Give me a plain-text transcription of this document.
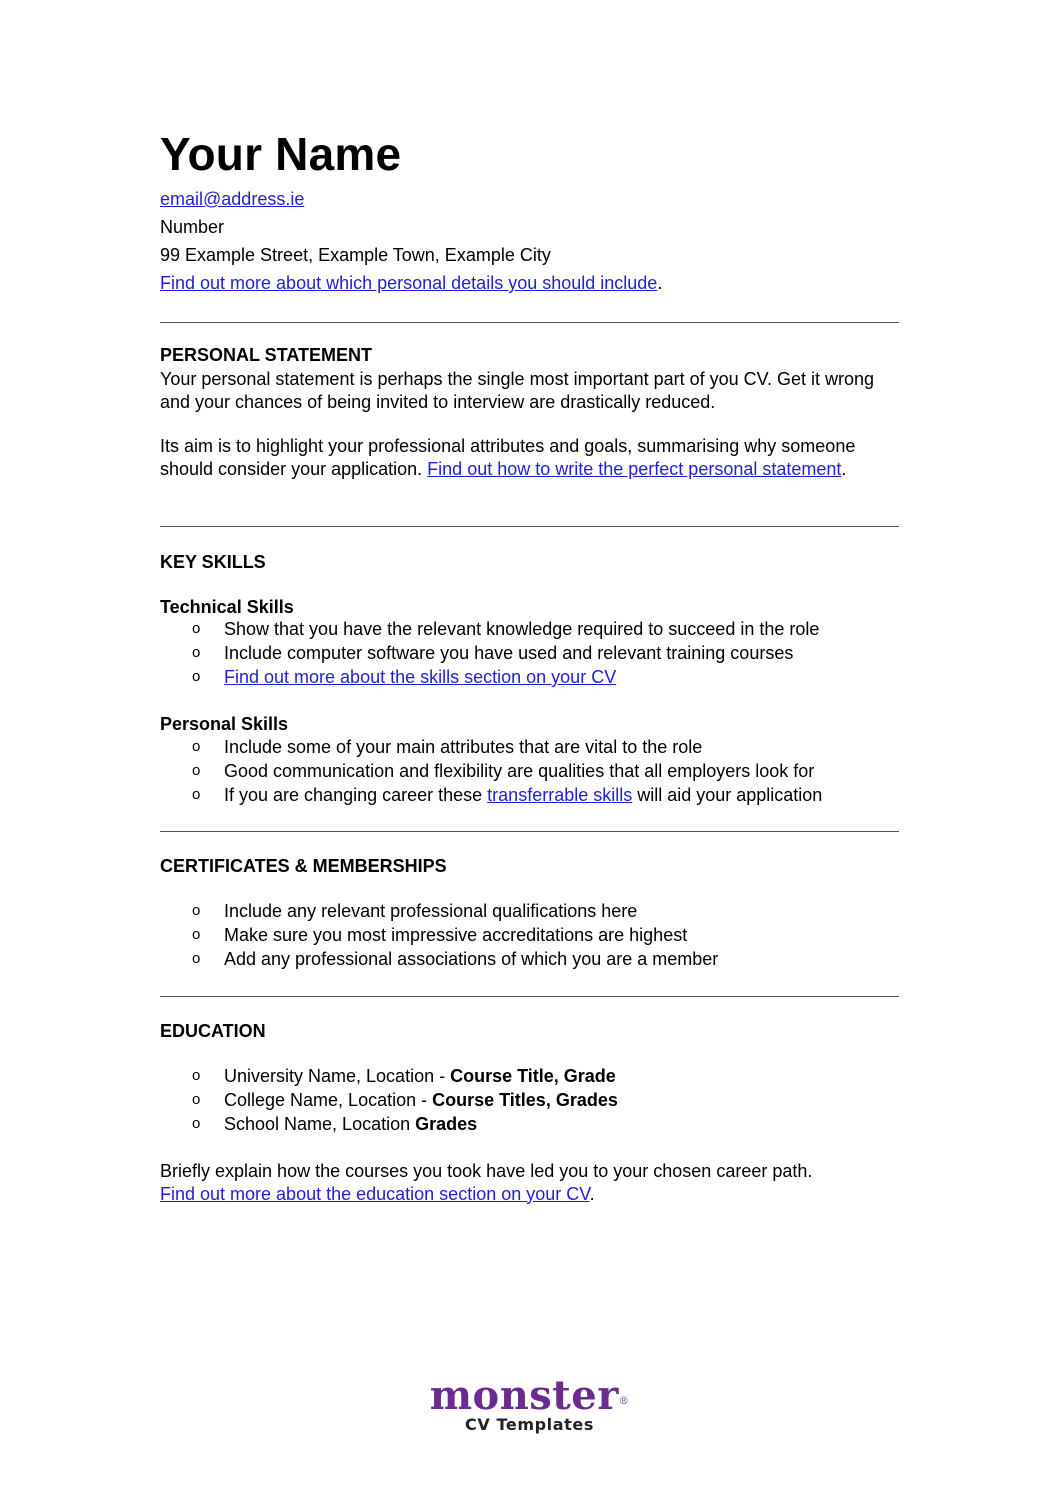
Your Name
email@address.ie
Number
99 Example Street, Example Town, Example City
Find out more about which personal details you should include.
PERSONAL STATEMENT

Your personal statement is perhaps the single most important part of you CV. Get it wrong and your chances of being invited to interview are drastically reduced.

Its aim is to highlight your professional attributes and goals, summarising why someone should consider your application. Find out how to write the perfect personal statement.

KEY SKILLS
Technical Skills
o Show that you have the relevant knowledge required to succeed in the role
o Include computer software you have used and relevant training courses
o Find out more about the skills section on your CV
Personal Skills
o Include some of your main attributes that are vital to the role
o Good communication and flexibility are qualities that all employers look for
o If you are changing career these transferrable skills will aid your application
CERTIFICATES & MEMBERSHIPS
o Include any relevant professional qualifications here
o Make sure you most impressive accreditations are highest
o Add any professional associations of which you are a member
EDUCATION
o University Name, Location - Course Title, Grade
o College Name, Location - Course Titles, Grades
o School Name, Location Grades

Briefly explain how the courses you took have led you to your chosen career path.
Find out more about the education section on your CV.

monster®
CV Templates
